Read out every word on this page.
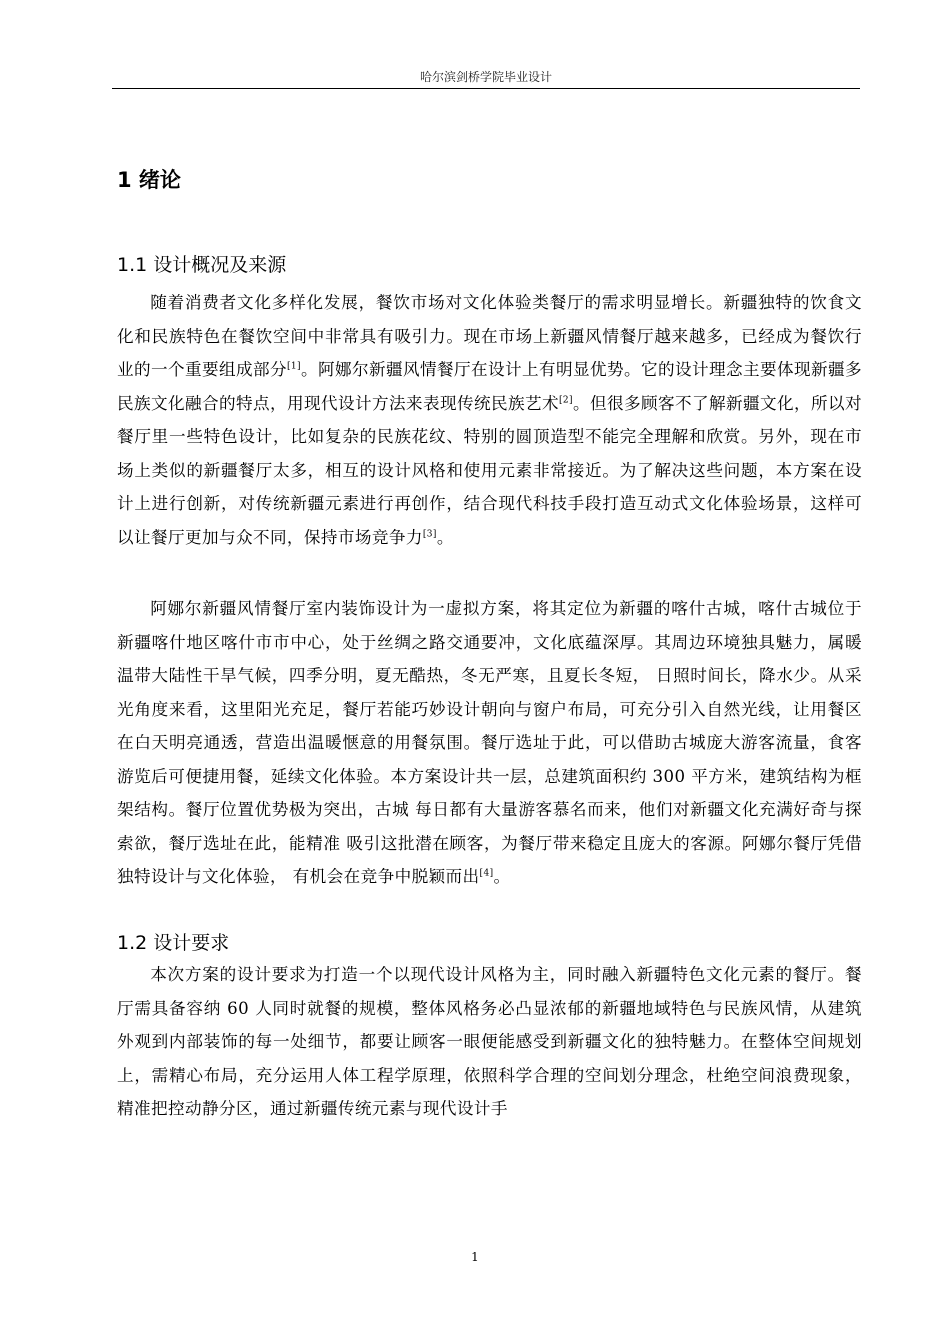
哈尔滨剑桥学院毕业设计
1 绪论
1.1 设计概况及来源
随着消费者文化多样化发展，餐饮市场对文化体验类餐厅的需求明显增长。新疆独特的饮食文化和民族特色在餐饮空间中非常具有吸引力。现在市场上新疆风情餐厅越来越多，已经成为餐饮行业的一个重要组成部分[1]。阿娜尔新疆风情餐厅在设计上有明显优势。它的设计理念主要体现新疆多民族文化融合的特点，用现代设计方法来表现传统民族艺术[2]。但很多顾客不了解新疆文化，所以对餐厅里一些特色设计，比如复杂的民族花纹、特别的圆顶造型不能完全理解和欣赏。另外，现在市场上类似的新疆餐厅太多，相互的设计风格和使用元素非常接近。为了解决这些问题，本方案在设计上进行创新，对传统新疆元素进行再创作，结合现代科技手段打造互动式文化体验场景，这样可以让餐厅更加与众不同，保持市场竞争力[3]。
阿娜尔新疆风情餐厅室内装饰设计为一虚拟方案，将其定位为新疆的喀什古城，喀什古城位于新疆喀什地区喀什市市中心，处于丝绸之路交通要冲，文化底蕴深厚。其周边环境独具魅力，属暖温带大陆性干旱气候，四季分明，夏无酷热，冬无严寒，且夏长冬短， 日照时间长，降水少。从采光角度来看，这里阳光充足，餐厅若能巧妙设计朝向与窗户布局，可充分引入自然光线，让用餐区在白天明亮通透，营造出温暖惬意的用餐氛围。餐厅选址于此，可以借助古城庞大游客流量，食客游览后可便捷用餐，延续文化体验。本方案设计共一层，总建筑面积约 300 平方米，建筑结构为框架结构。餐厅位置优势极为突出，古城 每日都有大量游客慕名而来，他们对新疆文化充满好奇与探索欲，餐厅选址在此，能精准 吸引这批潜在顾客，为餐厅带来稳定且庞大的客源。阿娜尔餐厅凭借独特设计与文化体验， 有机会在竞争中脱颖而出[4]。
1.2 设计要求
本次方案的设计要求为打造一个以现代设计风格为主，同时融入新疆特色文化元素的餐厅。餐厅需具备容纳 60 人同时就餐的规模，整体风格务必凸显浓郁的新疆地域特色与民族风情，从建筑外观到内部装饰的每一处细节，都要让顾客一眼便能感受到新疆文化的独特魅力。在整体空间规划上，需精心布局，充分运用人体工程学原理，依照科学合理的空间划分理念，杜绝空间浪费现象，精准把控动静分区，通过新疆传统元素与现代设计手
1
